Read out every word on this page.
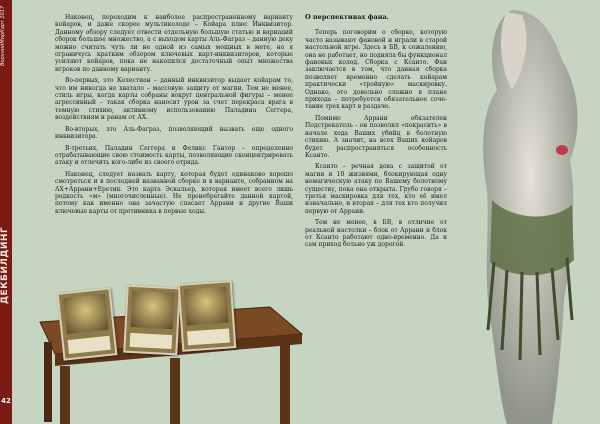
ВерхнийМирКарт 2017
ДЕКБИЛДИНГ
42

Наконец, переходим к наиболее распространенному варианту койаров, и даже скорее мультиколоде – Койара плюс Инквизитор. Данному обзору следует отвести отдельную большую статью и вариаций сборок большое множество, а с выходом карты Аль-Фаграз – данную деку можно считать чуть ли не одной из самых мощных в мете, но я ограничусь кратким обзором ключевых карт-инквизиторов, которые усиляют койаров, пока не накопился достаточный опыт множества игроков по данному варианту.

Во-первых, это Келестиан – данный инквизитор выдает койарам то, что им никогда не хватало – массовую защиту от магии. Тем не менее, стиль игры, когда карты собраны вокруг центральной фигуры – менее агрессивный – такая сборка наносит урон за счет перекраса врага в темную стихию, активному использованию Паладина Сеггера, воздействиям и ранам от АХ.

Во-вторых, это Аль-Фаграз, позволяющий вызвать еще одного инквизитора.

В-третьих, Паладин Сеггера и Феликс Гантор – определенно отрабатывающие свою стоимость карты, позволяющие сконцентрировать атаку и отлечить кого-либо из своего отряда.

Наконец, следует назвать карту, которая будет одинаково хорошо смотреться и в последней названной сборке и в варианте, собранном на АХ+Аррани+Еретик. Это карта Эскальер, которая имеет всего лишь редкость «м» (многочисленные). Не пренебрегайте данной картой, потому как именно она зачастую спасает Аррани и другие Ваши ключевые карты от противника в первые ходы.

О перспективах фана.

Теперь поговорим о сборке, которую часто называют фановой и играли в старой настольной игре. Здесь в БВ, к сожалению, она не работает, но подняла бы функционал фановых колод. Сборка с Ксанто. Фан заключается в том, что данная сборка позволяет временно сделать койарам практически «тройную» маскировку. Однако, это довольно сложно в плане прихода – потребуется обязательное соче-тание трех карт в раздаче.

Помимо Аррани обязателен Подстрекатель - он позволял «покрасить» в начале хода Ваших убийц в болотную стихию. А значит, на всех Ваших койаров будет распространяться особенность Ксанто.

Ксанто – речная дева с защитой от магии и 10 жизнями, блокирующая одну немагическую атаку по Вашему болотному существу, пока она открыта. Грубо говоря – третья маскировка для тех, кто её имел изначально, и вторая – для тех кто получил первую от Аррани.

Тем не менее, в БВ, в отличие от реальной настолки – блок от Аррани и блок от Ксанто работают одно-временно. Да и сам приход больно уж дорогой.
